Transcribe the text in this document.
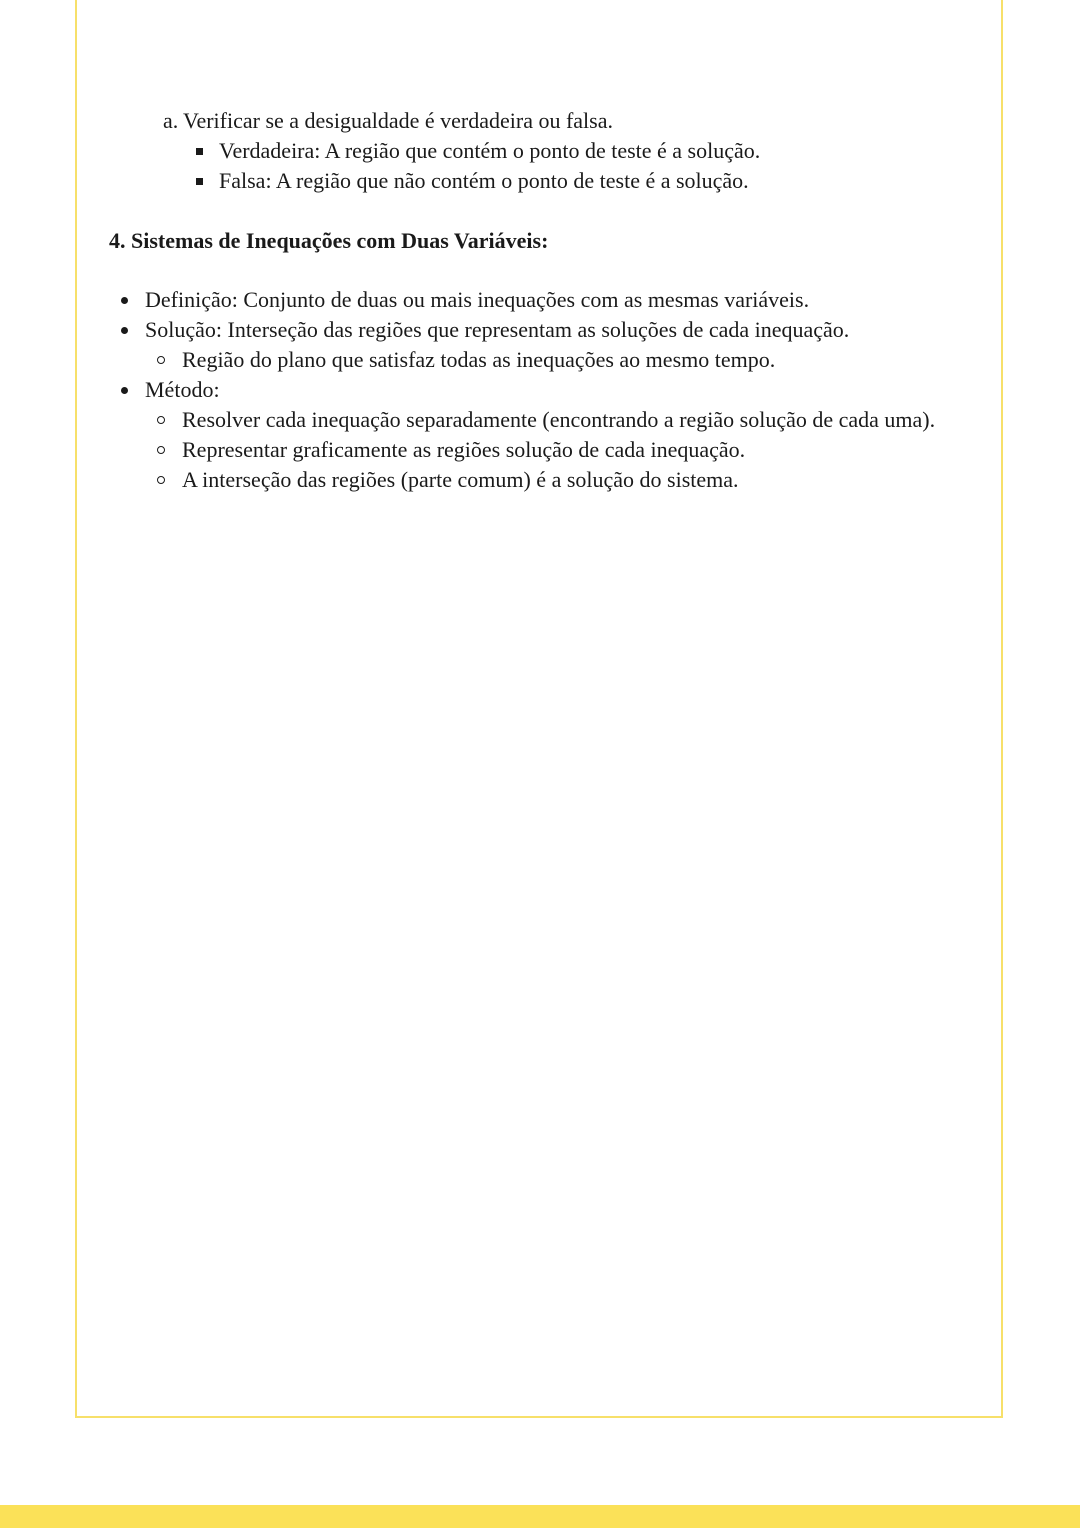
a. Verificar se a desigualdade é verdadeira ou falsa.
Verdadeira: A região que contém o ponto de teste é a solução.
Falsa: A região que não contém o ponto de teste é a solução.
4. Sistemas de Inequações com Duas Variáveis:
Definição: Conjunto de duas ou mais inequações com as mesmas variáveis.
Solução: Interseção das regiões que representam as soluções de cada inequação.
Região do plano que satisfaz todas as inequações ao mesmo tempo.
Método:
Resolver cada inequação separadamente (encontrando a região solução de cada uma).
Representar graficamente as regiões solução de cada inequação.
A interseção das regiões (parte comum) é a solução do sistema.
